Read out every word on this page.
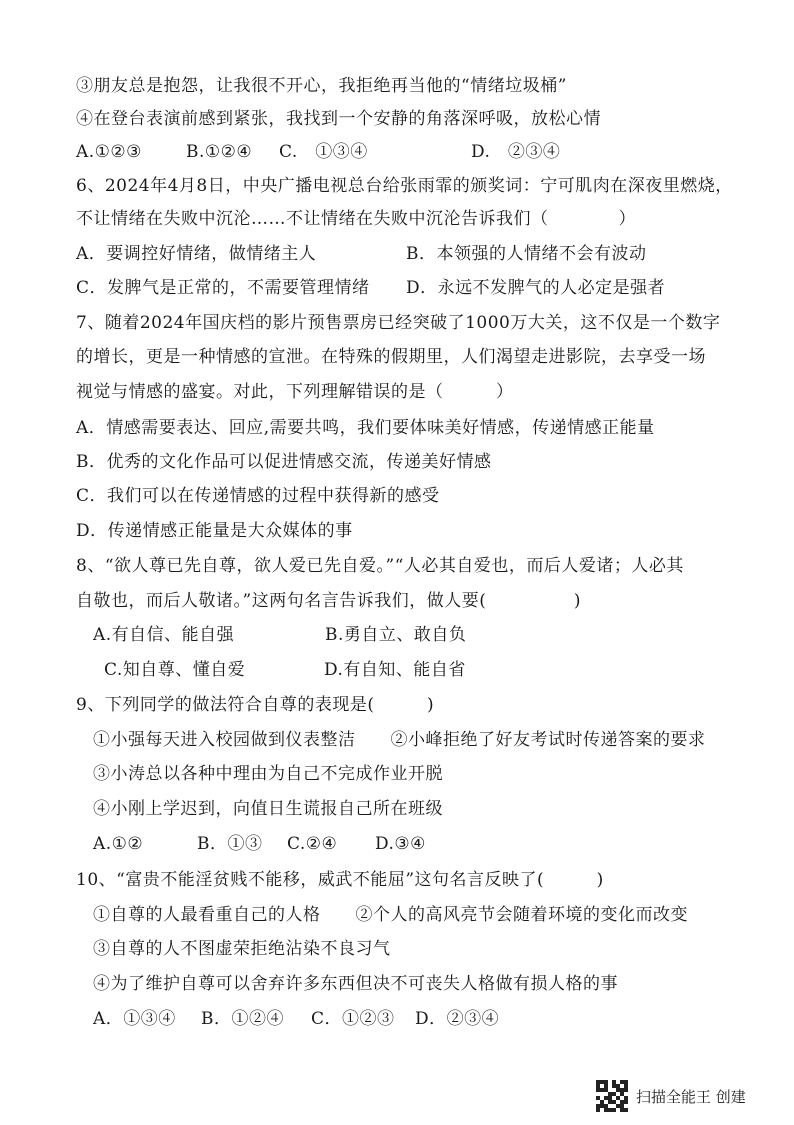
③朋友总是抱怨，让我很不开心，我拒绝再当他的“情绪垃圾桶”
④在登台表演前感到紧张，我找到一个安静的角落深呼吸，放松心情
A.①②③	B.①②④	C.　①③④	D.　②③④
6、2024年4月8日，中央广播电视总台给张雨霏的颁奖词：宁可肌肉在深夜里燃烧，
不让情绪在失败中沉沦……不让情绪在失败中沉沦告诉我们（　　　　）
A．要调控好情绪，做情绪主人	B．本领强的人情绪不会有波动
C．发脾气是正常的，不需要管理情绪	D．永远不发脾气的人必定是强者
7、随着2024年国庆档的影片预售票房已经突破了1000万大关，这不仅是一个数字
的增长，更是一种情感的宣泄。在特殊的假期里，人们渴望走进影院，去享受一场
视觉与情感的盛宴。对此，下列理解错误的是（　　　）
A．情感需要表达、回应,需要共鸣，我们要体味美好情感，传递情感正能量
B．优秀的文化作品可以促进情感交流，传递美好情感
C．我们可以在传递情感的过程中获得新的感受
D．传递情感正能量是大众媒体的事
8、“欲人尊已先自尊，欲人爱已先自爱。”“人必其自爱也，而后人爱诸；人必其
自敬也，而后人敬诸。”这两句名言告诉我们，做人要(　　　　　)
A.有自信、能自强	B.勇自立、敢自负
C.知自尊、懂自爱	D.有自知、能自省
9、下列同学的做法符合自尊的表现是(　　　)
①小强每天进入校园做到仪表整洁　　②小峰拒绝了好友考试时传递答案的要求
③小涛总以各种中理由为自己不完成作业开脱
④小刚上学迟到，向值日生谎报自己所在班级
A.①②	B．①③	C.②④	D.③④
10、“富贵不能淫贫贱不能移，威武不能屈”这句名言反映了(　　　)
①自尊的人最看重自己的人格　　②个人的高风亮节会随着环境的变化而改变
③自尊的人不图虚荣拒绝沾染不良习气
④为了维护自尊可以舍弃许多东西但决不可丧失人格做有损人格的事
A．①③④	B．①②④	C．①②③	D．②③④
扫描全能王 创建
